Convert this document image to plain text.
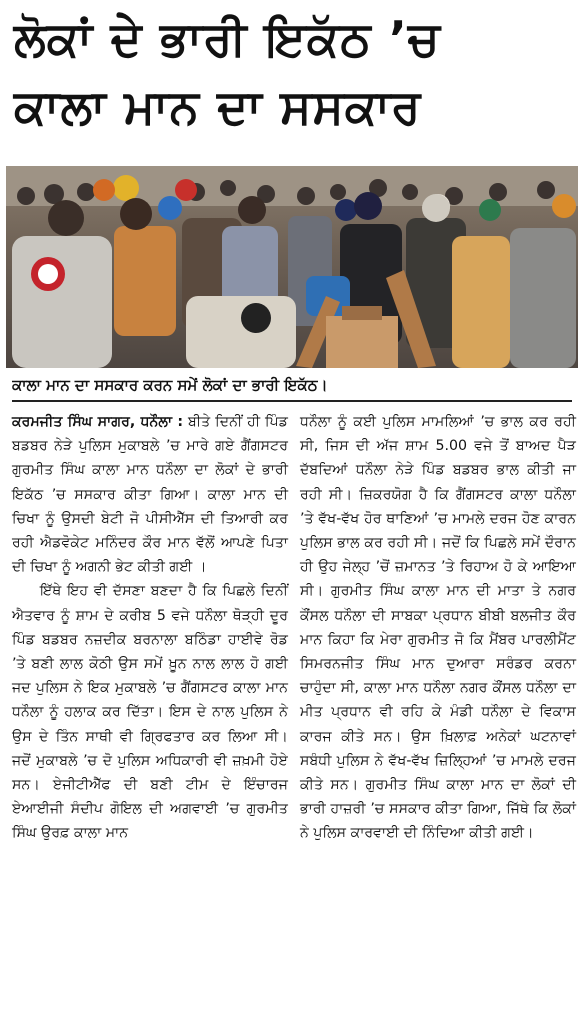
ਲੋਕਾਂ ਦੇ ਭਾਰੀ ਇਕੱਠ ’ਚ
ਕਾਲਾ ਮਾਨ ਦਾ ਸਸਕਾਰ
ਕਾਲਾ ਮਾਨ ਦਾ ਸਸਕਾਰ ਕਰਨ ਸਮੇਂ ਲੋਕਾਂ ਦਾ ਭਾਰੀ ਇਕੱਠ।

ਕਰਮਜੀਤ ਸਿੰਘ ਸਾਗਰ, ਧਨੌਲਾ : ਬੀਤੇ ਦਿਨੀਂ ਹੀ ਪਿੰਡ ਬਡਬਰ ਨੇੜੇ ਪੁਲਿਸ ਮੁਕਾਬਲੇ ’ਚ ਮਾਰੇ ਗਏ ਗੈਂਗਸਟਰ ਗੁਰਮੀਤ ਸਿੰਘ ਕਾਲਾ ਮਾਨ ਧਨੌਲਾ ਦਾ ਲੋਕਾਂ ਦੇ ਭਾਰੀ ਇਕੱਠ ’ਚ ਸਸਕਾਰ ਕੀਤਾ ਗਿਆ। ਕਾਲਾ ਮਾਨ ਦੀ ਚਿਖਾ ਨੂੰ ਉਸਦੀ ਬੇਟੀ ਜੋ ਪੀਸੀਐੱਸ ਦੀ ਤਿਆਰੀ ਕਰ ਰਹੀ ਐਡਵੋਕੇਟ ਮਨਿੰਦਰ ਕੌਰ ਮਾਨ ਵੱਲੋਂ ਆਪਣੇ ਪਿਤਾ ਦੀ ਚਿਖਾ ਨੂੰ ਅਗਨੀ ਭੇਟ ਕੀਤੀ ਗਈ ।

ਇੱਥੇ ਇਹ ਵੀ ਦੱਸਣਾ ਬਣਦਾ ਹੈ ਕਿ ਪਿਛਲੇ ਦਿਨੀਂ ਐਤਵਾਰ ਨੂੰ ਸ਼ਾਮ ਦੇ ਕਰੀਬ 5 ਵਜੇ ਧਨੌਲਾ ਥੋੜ੍ਹੀ ਦੂਰ ਪਿੰਡ ਬਡਬਰ ਨਜ਼ਦੀਕ ਬਰਨਾਲਾ ਬਠਿੰਡਾ ਹਾਈਵੇ ਰੋਡ ’ਤੇ ਬਣੀ ਲਾਲ ਕੋਠੀ ਉਸ ਸਮੇਂ ਖ਼ੂਨ ਨਾਲ ਲਾਲ ਹੋ ਗਈ ਜਦ ਪੁਲਿਸ ਨੇ ਇਕ ਮੁਕਾਬਲੇ ’ਚ ਗੈਂਗਸਟਰ ਕਾਲਾ ਮਾਨ ਧਨੌਲਾ ਨੂੰ ਹਲਾਕ ਕਰ ਦਿੱਤਾ। ਇਸ ਦੇ ਨਾਲ ਪੁਲਿਸ ਨੇ ਉਸ ਦੇ ਤਿੰਨ ਸਾਥੀ ਵੀ ਗ੍ਰਿਫਤਾਰ ਕਰ ਲਿਆ ਸੀ। ਜਦੋਂ ਮੁਕਾਬਲੇ ’ਚ ਦੋ ਪੁਲਿਸ ਅਧਿਕਾਰੀ ਵੀ ਜ਼ਖ਼ਮੀ ਹੋਏ ਸਨ। ਏਜੀਟੀਐੱਫ ਦੀ ਬਣੀ ਟੀਮ ਦੇ ਇੰਚਾਰਜ ਏਆਈਜੀ ਸੰਦੀਪ ਗੋਇਲ ਦੀ ਅਗਵਾਈ ’ਚ ਗੁਰਮੀਤ ਸਿੰਘ ਉਰਫ਼ ਕਾਲਾ ਮਾਨ

ਧਨੌਲਾ ਨੂੰ ਕਈ ਪੁਲਿਸ ਮਾਮਲਿਆਂ ’ਚ ਭਾਲ ਕਰ ਰਹੀ ਸੀ, ਜਿਸ ਦੀ ਅੱਜ ਸ਼ਾਮ 5.00 ਵਜੇ ਤੋਂ ਬਾਅਦ ਪੈੜ ਦੱਬਦਿਆਂ ਧਨੌਲਾ ਨੇੜੇ ਪਿੰਡ ਬਡਬਰ ਭਾਲ ਕੀਤੀ ਜਾ ਰਹੀ ਸੀ। ਜ਼ਿਕਰਯੋਗ ਹੈ ਕਿ ਗੈਂਗਸਟਰ ਕਾਲਾ ਧਨੌਲਾ ’ਤੇ ਵੱਖ-ਵੱਖ ਹੋਰ ਥਾਣਿਆਂ ’ਚ ਮਾਮਲੇ ਦਰਜ ਹੋਣ ਕਾਰਨ ਪੁਲਿਸ ਭਾਲ ਕਰ ਰਹੀ ਸੀ। ਜਦੋਂ ਕਿ ਪਿਛਲੇ ਸਮੇਂ ਦੌਰਾਨ ਹੀ ਉਹ ਜੇਲ੍ਹ ’ਚੋਂ ਜ਼ਮਾਨਤ ’ਤੇ ਰਿਹਾਅ ਹੋ ਕੇ ਆਇਆ ਸੀ। ਗੁਰਮੀਤ ਸਿੰਘ ਕਾਲਾ ਮਾਨ ਦੀ ਮਾਤਾ ਤੇ ਨਗਰ ਕੌਂਸਲ ਧਨੌਲਾ ਦੀ ਸਾਬਕਾ ਪ੍ਰਧਾਨ ਬੀਬੀ ਬਲਜੀਤ ਕੌਰ ਮਾਨ ਕਿਹਾ ਕਿ ਮੇਰਾ ਗੁਰਮੀਤ ਜੋ ਕਿ ਮੈਂਬਰ ਪਾਰਲੀਮੈਂਟ ਸਿਮਰਨਜੀਤ ਸਿੰਘ ਮਾਨ ਦੁਆਰਾ ਸਰੰਡਰ ਕਰਨਾ ਚਾਹੁੰਦਾ ਸੀ, ਕਾਲਾ ਮਾਨ ਧਨੌਲਾ ਨਗਰ ਕੌਂਸਲ ਧਨੌਲਾ ਦਾ ਮੀਤ ਪ੍ਰਧਾਨ ਵੀ ਰਹਿ ਕੇ ਮੰਡੀ ਧਨੌਲਾ ਦੇ ਵਿਕਾਸ ਕਾਰਜ ਕੀਤੇ ਸਨ। ਉਸ ਖ਼ਿਲਾਫ਼ ਅਨੇਕਾਂ ਘਟਨਾਵਾਂ ਸਬੰਧੀ ਪੁਲਿਸ ਨੇ ਵੱਖ-ਵੱਖ ਜ਼ਿਲ੍ਹਿਆਂ ’ਚ ਮਾਮਲੇ ਦਰਜ ਕੀਤੇ ਸਨ। ਗੁਰਮੀਤ ਸਿੰਘ ਕਾਲਾ ਮਾਨ ਦਾ ਲੋਕਾਂ ਦੀ ਭਾਰੀ ਹਾਜ਼ਰੀ ’ਚ ਸਸਕਾਰ ਕੀਤਾ ਗਿਆ, ਜਿੱਥੇ ਕਿ ਲੋਕਾਂ ਨੇ ਪੁਲਿਸ ਕਾਰਵਾਈ ਦੀ ਨਿੰਦਿਆ ਕੀਤੀ ਗਈ।
